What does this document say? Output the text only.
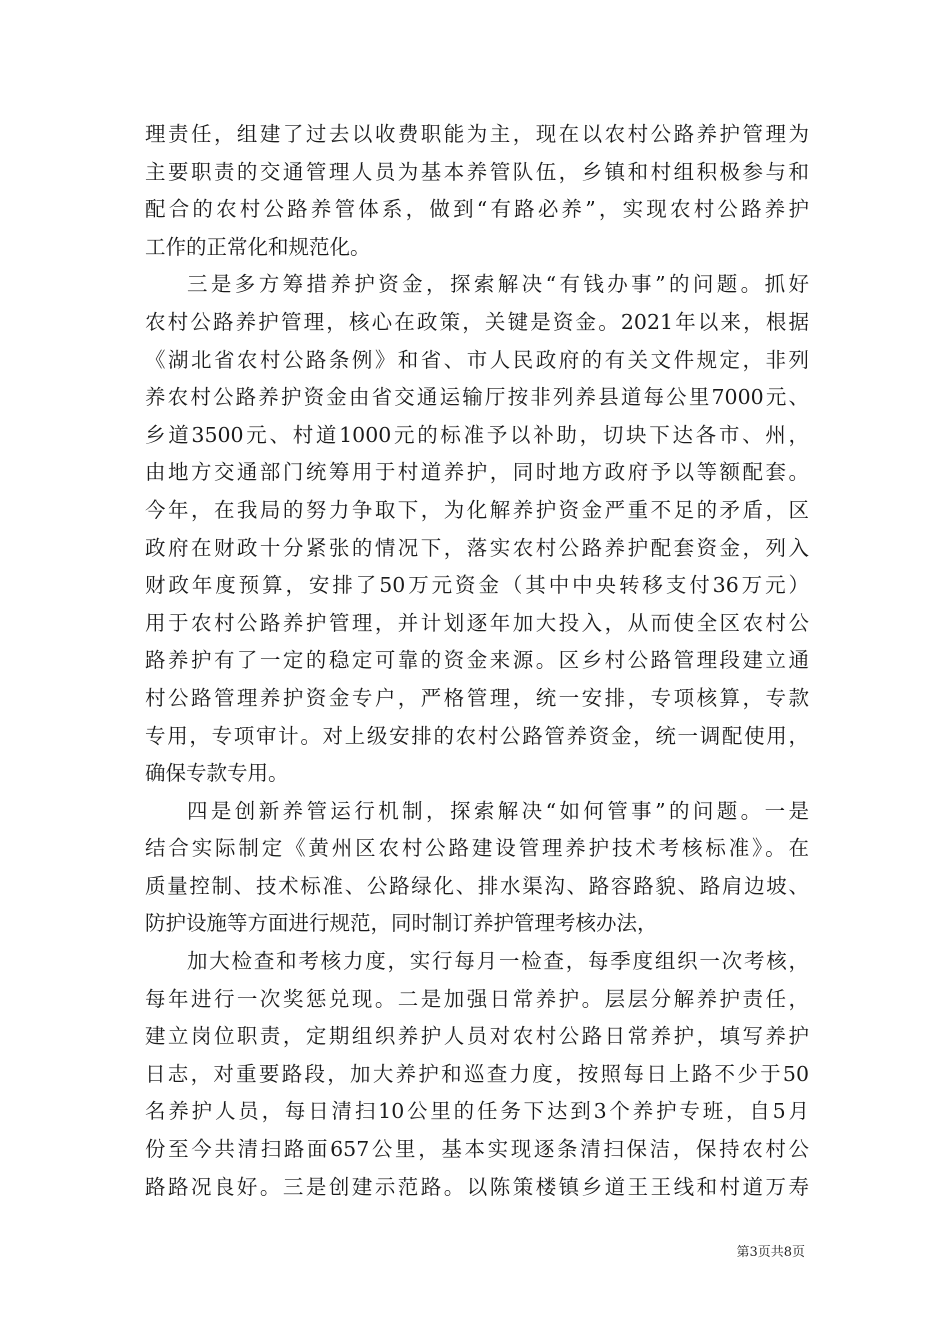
理责任，组建了过去以收费职能为主，现在以农村公路养护管理为
主要职责的交通管理人员为基本养管队伍，乡镇和村组积极参与和
配合的农村公路养管体系，做到“有路必养”，实现农村公路养护
工作的正常化和规范化。
三是多方筹措养护资金，探索解决“有钱办事”的问题。抓好
农村公路养护管理，核心在政策，关键是资金。2021年以来，根据
《湖北省农村公路条例》和省、市人民政府的有关文件规定，非列
养农村公路养护资金由省交通运输厅按非列养县道每公里7000元、
乡道3500元、村道1000元的标准予以补助，切块下达各市、州，
由地方交通部门统筹用于村道养护，同时地方政府予以等额配套。
今年，在我局的努力争取下，为化解养护资金严重不足的矛盾，区
政府在财政十分紧张的情况下，落实农村公路养护配套资金，列入
财政年度预算，安排了50万元资金（其中中央转移支付36万元）
用于农村公路养护管理，并计划逐年加大投入，从而使全区农村公
路养护有了一定的稳定可靠的资金来源。区乡村公路管理段建立通
村公路管理养护资金专户，严格管理，统一安排，专项核算，专款
专用，专项审计。对上级安排的农村公路管养资金，统一调配使用，
确保专款专用。
四是创新养管运行机制，探索解决“如何管事”的问题。一是
结合实际制定《黄州区农村公路建设管理养护技术考核标准》。在
质量控制、技术标准、公路绿化、排水渠沟、路容路貌、路肩边坡、
防护设施等方面进行规范，同时制订养护管理考核办法，
加大检查和考核力度，实行每月一检查，每季度组织一次考核，
每年进行一次奖惩兑现。二是加强日常养护。层层分解养护责任，
建立岗位职责，定期组织养护人员对农村公路日常养护，填写养护
日志，对重要路段，加大养护和巡查力度，按照每日上路不少于50
名养护人员，每日清扫10公里的任务下达到3个养护专班，自5月
份至今共清扫路面657公里，基本实现逐条清扫保洁，保持农村公
路路况良好。三是创建示范路。以陈策楼镇乡道王王线和村道万寿
第3页共8页
